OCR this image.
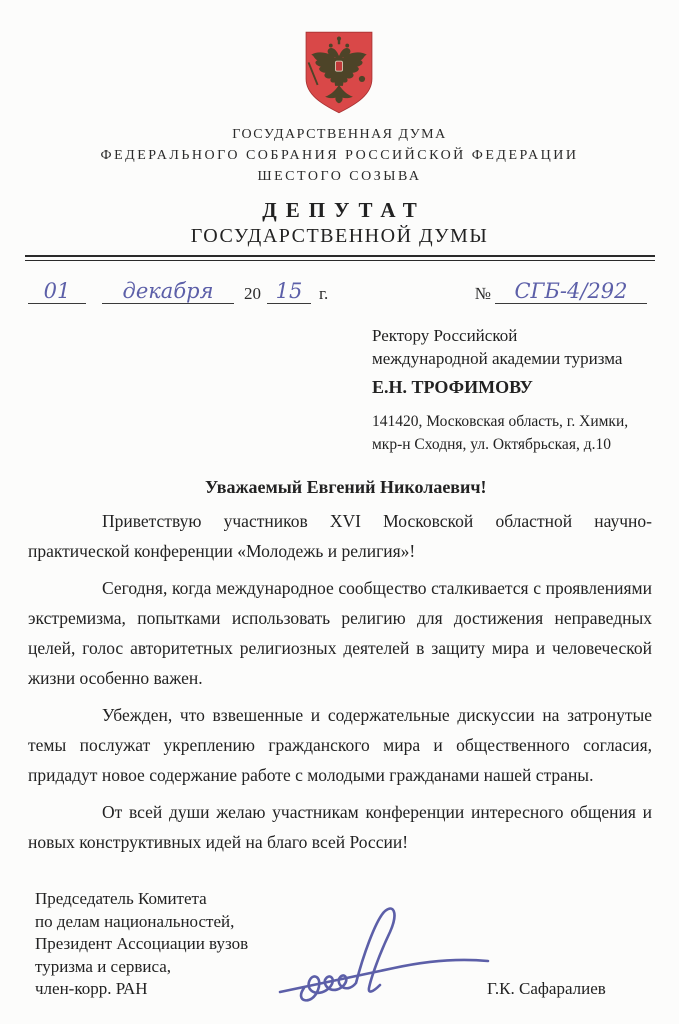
ГОСУДАРСТВЕННАЯ ДУМА
ФЕДЕРАЛЬНОГО СОБРАНИЯ РОССИЙСКОЙ ФЕДЕРАЦИИ
ШЕСТОГО СОЗЫВА
ДЕПУТАТ
ГОСУДАРСТВЕННОЙ ДУМЫ
01 декабря 20 15 г.	№ СГБ-4/292
Ректору Российской
международной академии туризма
Е.Н. ТРОФИМОВУ
141420, Московская область, г. Химки,
мкр-н Сходня, ул. Октябрьская, д.10
Уважаемый Евгений Николаевич!

Приветствую участников XVI Московской областной научно-практической конференции «Молодежь и религия»!

Сегодня, когда международное сообщество сталкивается с проявлениями экстремизма, попытками использовать религию для достижения неправедных целей, голос авторитетных религиозных деятелей в защиту мира и человеческой жизни особенно важен.

Убежден, что взвешенные и содержательные дискуссии на затронутые темы послужат укреплению гражданского мира и общественного согласия, придадут новое содержание работе с молодыми гражданами нашей страны.

От всей души желаю участникам конференции интересного общения и новых конструктивных идей на благо всей России!

Председатель Комитета
по делам национальностей,
Президент Ассоциации вузов
туризма и сервиса,
член-корр. РАН	Г.К. Сафаралиев
